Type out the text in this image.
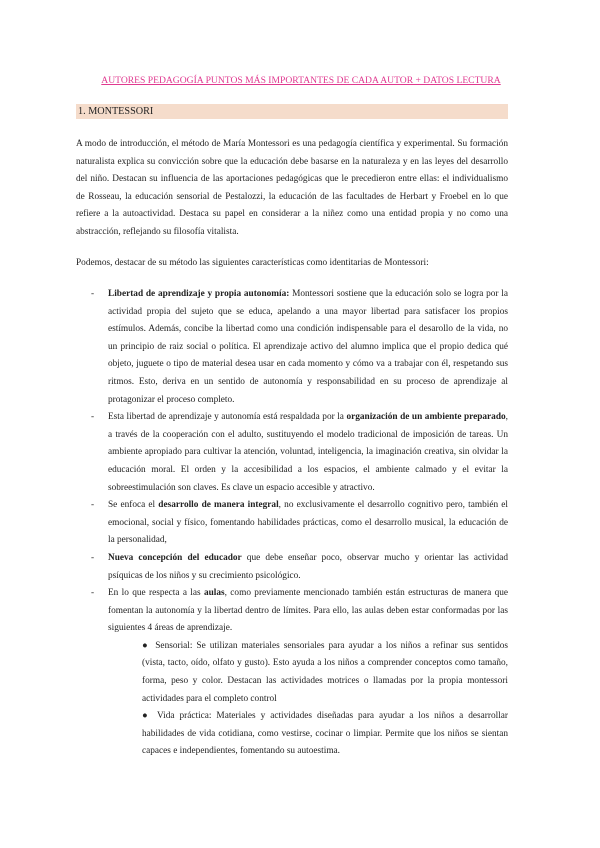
AUTORES PEDAGOGÍA PUNTOS MÁS IMPORTANTES DE CADA AUTOR + DATOS LECTURA
1. MONTESSORI
A modo de introducción, el método de María Montessori es una pedagogía científica y experimental. Su formación naturalista explica su convicción sobre que la educación debe basarse en la naturaleza y en las leyes del desarrollo del niño. Destacan su influencia de las aportaciones pedagógicas que le precedieron entre ellas: el individualismo de Rosseau, la educación sensorial de Pestalozzi, la educación de las facultades de Herbart y Froebel en lo que refiere a la autoactividad. Destaca su papel en considerar a la niñez como una entidad propia y no como una abstracción, reflejando su filosofía vitalista.
Podemos, destacar de su método las siguientes características como identitarias de Montessori:
- Libertad de aprendizaje y propia autonomía: Montessori sostiene que la educación solo se logra por la actividad propia del sujeto que se educa, apelando a una mayor libertad para satisfacer los propios estímulos. Además, concibe la libertad como una condición indispensable para el desarollo de la vida, no un principio de raiz social o política. El aprendizaje activo del alumno implica que el propio dedica qué objeto, juguete o tipo de material desea usar en cada momento y cómo va a trabajar con él, respetando sus ritmos. Esto, deriva en un sentido de autonomía y responsabilidad en su proceso de aprendizaje al protagonizar el proceso completo.
- Esta libertad de aprendizaje y autonomía está respaldada por la organización de un ambiente preparado, a través de la cooperación con el adulto, sustituyendo el modelo tradicional de imposición de tareas. Un ambiente apropiado para cultivar la atención, voluntad, inteligencia, la imaginación creativa, sin olvidar la educación moral. El orden y la accesibilidad a los espacios, el ambiente calmado y el evitar la sobreestimulación son claves. Es clave un espacio accesible y atractivo.
- Se enfoca el desarrollo de manera integral, no exclusivamente el desarrollo cognitivo pero, también el emocional, social y físico, fomentando habilidades prácticas, como el desarrollo musical, la educación de la personalidad,
- Nueva concepción del educador que debe enseñar poco, observar mucho y orientar las actividad psíquicas de los niños y su crecimiento psicológico.
- En lo que respecta a las aulas, como previamente mencionado también están estructuras de manera que fomentan la autonomía y la libertad dentro de límites. Para ello, las aulas deben estar conformadas por las siguientes 4 áreas de aprendizaje.
● Sensorial: Se utilizan materiales sensoriales para ayudar a los niños a refinar sus sentidos (vista, tacto, oído, olfato y gusto). Esto ayuda a los niños a comprender conceptos como tamaño, forma, peso y color. Destacan las actividades motrices o llamadas por la propia montessori actividades para el completo control
● Vida práctica: Materiales y actividades diseñadas para ayudar a los niños a desarrollar habilidades de vida cotidiana, como vestirse, cocinar o limpiar. Permite que los niños se sientan capaces e independientes, fomentando su autoestima.
